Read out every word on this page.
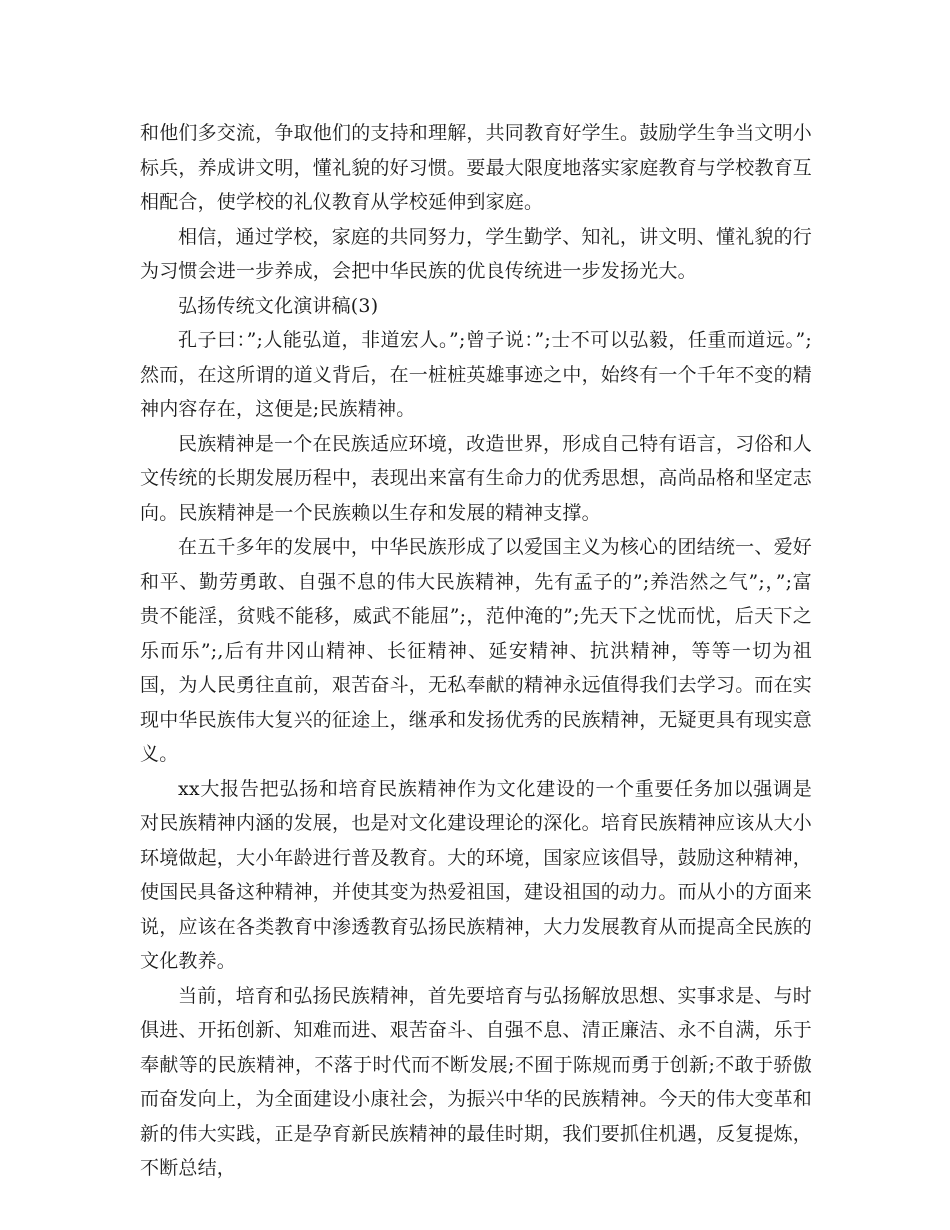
和他们多交流，争取他们的支持和理解，共同教育好学生。鼓励学生争当文明小标兵，养成讲文明，懂礼貌的好习惯。要最大限度地落实家庭教育与学校教育互相配合，使学校的礼仪教育从学校延伸到家庭。

相信，通过学校，家庭的共同努力，学生勤学、知礼，讲文明、懂礼貌的行为习惯会进一步养成，会把中华民族的优良传统进一步发扬光大。

弘扬传统文化演讲稿(3)

孔子曰：”;人能弘道，非道宏人。”;曾子说：”;士不可以弘毅，任重而道远。”;然而，在这所谓的道义背后，在一桩桩英雄事迹之中，始终有一个千年不变的精神内容存在，这便是;民族精神。

民族精神是一个在民族适应环境，改造世界，形成自己特有语言，习俗和人文传统的长期发展历程中，表现出来富有生命力的优秀思想，高尚品格和坚定志向。民族精神是一个民族赖以生存和发展的精神支撑。

在五千多年的发展中，中华民族形成了以爱国主义为核心的团结统一、爱好和平、勤劳勇敢、自强不息的伟大民族精神，先有孟子的”;养浩然之气”;，”;富贵不能淫，贫贱不能移，威武不能屈”;，范仲淹的”;先天下之忧而忧，后天下之乐而乐”;,后有井冈山精神、长征精神、延安精神、抗洪精神，等等一切为祖国，为人民勇往直前，艰苦奋斗，无私奉献的精神永远值得我们去学习。而在实现中华民族伟大复兴的征途上，继承和发扬优秀的民族精神，无疑更具有现实意义。

xx大报告把弘扬和培育民族精神作为文化建设的一个重要任务加以强调是对民族精神内涵的发展，也是对文化建设理论的深化。培育民族精神应该从大小环境做起，大小年龄进行普及教育。大的环境，国家应该倡导，鼓励这种精神，使国民具备这种精神，并使其变为热爱祖国，建设祖国的动力。而从小的方面来说，应该在各类教育中渗透教育弘扬民族精神，大力发展教育从而提高全民族的文化教养。

当前，培育和弘扬民族精神，首先要培育与弘扬解放思想、实事求是、与时俱进、开拓创新、知难而进、艰苦奋斗、自强不息、清正廉洁、永不自满，乐于奉献等的民族精神，不落于时代而不断发展;不囿于陈规而勇于创新;不敢于骄傲而奋发向上，为全面建设小康社会，为振兴中华的民族精神。今天的伟大变革和新的伟大实践，正是孕育新民族精神的最佳时期，我们要抓住机遇，反复提炼，不断总结，
